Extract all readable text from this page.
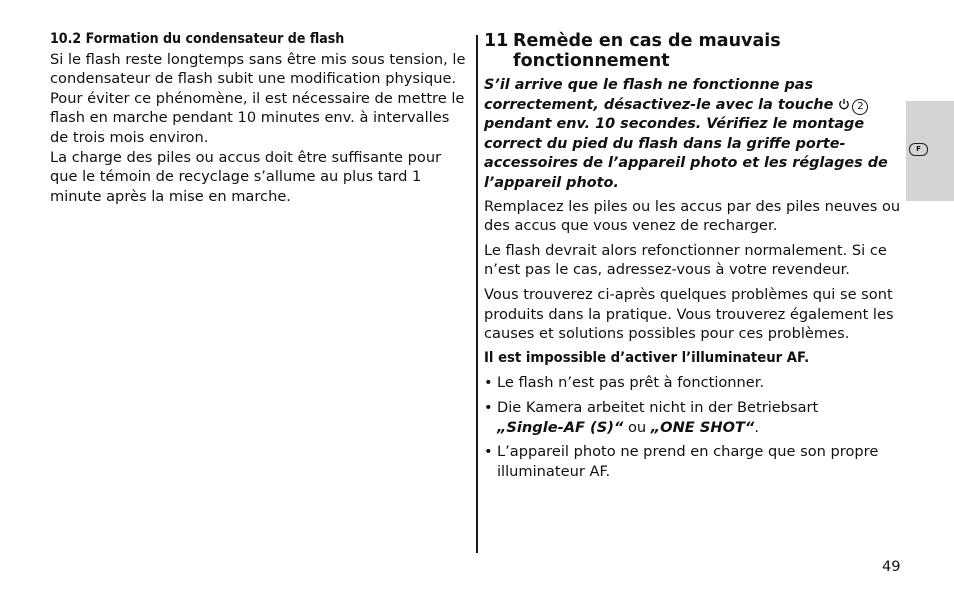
10.2 Formation du condensateur de flash

Si le flash reste longtemps sans être mis sous tension, le condensateur de flash subit une modification physique. Pour éviter ce phénomène, il est nécessaire de mettre le flash en marche pendant 10 minutes env. à intervalles de trois mois environ.

La charge des piles ou accus doit être suffisante pour que le témoin de recyclage s’allume au plus tard 1 minute après la mise en marche.

11 Remède en cas de mauvais fonctionnement

S’il arrive que le flash ne fonctionne pas correctement, désactivez-le avec la touche 2 pendant env. 10 secondes. Vérifiez le montage correct du pied du flash dans la griffe porte-accessoires de l’appareil photo et les réglages de l’appareil photo.

Remplacez les piles ou les accus par des piles neuves ou des accus que vous venez de recharger.

Le flash devrait alors refonctionner normalement. Si ce n’est pas le cas, adressez-vous à votre revendeur.

Vous trouverez ci-après quelques problèmes qui se sont produits dans la pratique. Vous trouverez également les causes et solutions possibles pour ces problèmes.

Il est impossible d’activer l’illuminateur AF.
• Le flash n’est pas prêt à fonctionner.
• Die Kamera arbeitet nicht in der Betriebsart
„Single-AF (S)“ ou „ONE SHOT“.
• L’appareil photo ne prend en charge que son propre illuminateur AF.
F
49
